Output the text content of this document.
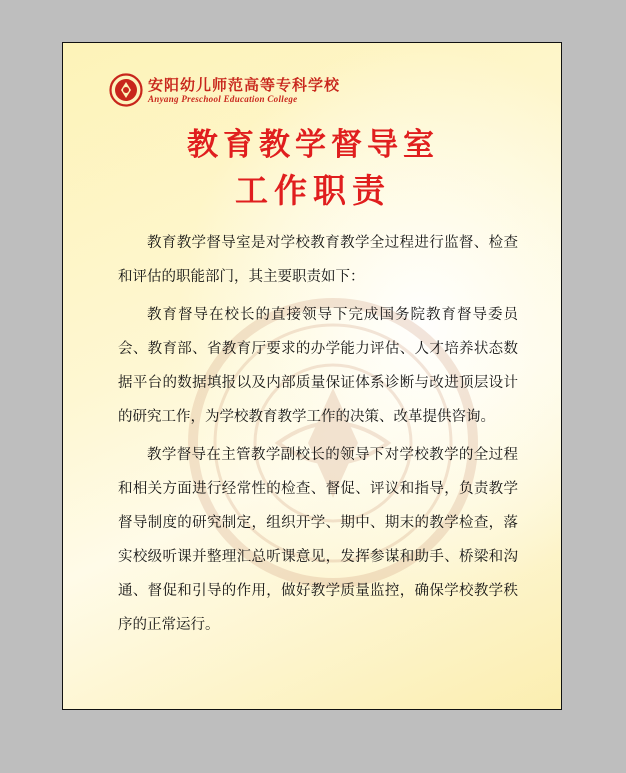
安阳幼儿师范高等专科学校
Anyang Preschool Education College
教育教学督导室
工作职责

教育教学督导室是对学校教育教学全过程进行监督、检查和评估的职能部门，其主要职责如下：

教育督导在校长的直接领导下完成国务院教育督导委员会、教育部、省教育厅要求的办学能力评估、人才培养状态数据平台的数据填报以及内部质量保证体系诊断与改进顶层设计的研究工作，为学校教育教学工作的决策、改革提供咨询。

教学督导在主管教学副校长的领导下对学校教学的全过程和相关方面进行经常性的检查、督促、评议和指导，负责教学督导制度的研究制定，组织开学、期中、期末的教学检查，落实校级听课并整理汇总听课意见，发挥参谋和助手、桥梁和沟通、督促和引导的作用，做好教学质量监控，确保学校教学秩序的正常运行。
